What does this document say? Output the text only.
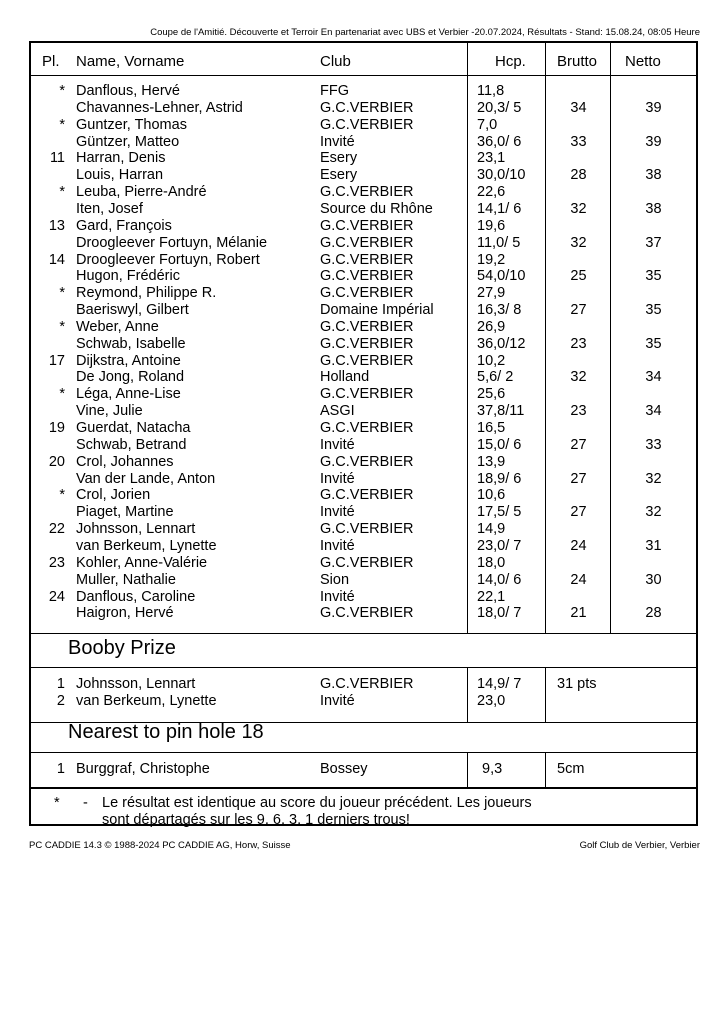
Coupe de l'Amitié. Découverte et Terroir En partenariat avec UBS et Verbier -20.07.2024, Résultats - Stand: 15.08.24, 08:05 Heure
Pl. Name, Vorname	Club	Hcp. Brutto Netto
* Danflous, Hervé	FFG	11,8
Chavannes-Lehner, Astrid	G.C.VERBIER	20,3/ 5	34	39
* Guntzer, Thomas	G.C.VERBIER	7,0
Güntzer, Matteo	Invité	36,0/ 6	33	39
11 Harran, Denis	Esery	23,1
Louis, Harran	Esery	30,0/10	28	38
* Leuba, Pierre-André	G.C.VERBIER	22,6
Iten, Josef	Source du Rhône	14,1/ 6	32	38
13 Gard, François	G.C.VERBIER	19,6
Droogleever Fortuyn, Mélanie	G.C.VERBIER	11,0/ 5	32	37
14 Droogleever Fortuyn, Robert	G.C.VERBIER	19,2
Hugon, Frédéric	G.C.VERBIER	54,0/10	25	35
* Reymond, Philippe R.	G.C.VERBIER	27,9
Baeriswyl, Gilbert	Domaine Impérial	16,3/ 8	27	35
* Weber, Anne	G.C.VERBIER	26,9
Schwab, Isabelle	G.C.VERBIER	36,0/12	23	35
17 Dijkstra, Antoine	G.C.VERBIER	10,2
De Jong, Roland	Holland	5,6/ 2	32	34
* Léga, Anne-Lise	G.C.VERBIER	25,6
Vine, Julie	ASGI	37,8/11	23	34
19 Guerdat, Natacha	G.C.VERBIER	16,5
Schwab, Betrand	Invité	15,0/ 6	27	33
20 Crol, Johannes	G.C.VERBIER	13,9
Van der Lande, Anton	Invité	18,9/ 6	27	32
* Crol, Jorien	G.C.VERBIER	10,6
Piaget, Martine	Invité	17,5/ 5	27	32
22 Johnsson, Lennart	G.C.VERBIER	14,9
van Berkeum, Lynette	Invité	23,0/ 7	24	31
23 Kohler, Anne-Valérie	G.C.VERBIER	18,0
Muller, Nathalie	Sion	14,0/ 6	24	30
24 Danflous, Caroline	Invité	22,1
Haigron, Hervé	G.C.VERBIER	18,0/ 7	21	28
Booby Prize
1 Johnsson, Lennart	G.C.VERBIER	14,9/ 7 31 pts
2 van Berkeum, Lynette	Invité	23,0
Nearest to pin hole 18
1 Burggraf, Christophe	Bossey	9,3	5cm
* - Le résultat est identique au score du joueur précédent. Les joueurs
sont départagés sur les 9, 6, 3, 1 derniers trous!
PC CADDIE 14.3 © 1988-2024 PC CADDIE AG, Horw, Suisse	Golf Club de Verbier, Verbier
